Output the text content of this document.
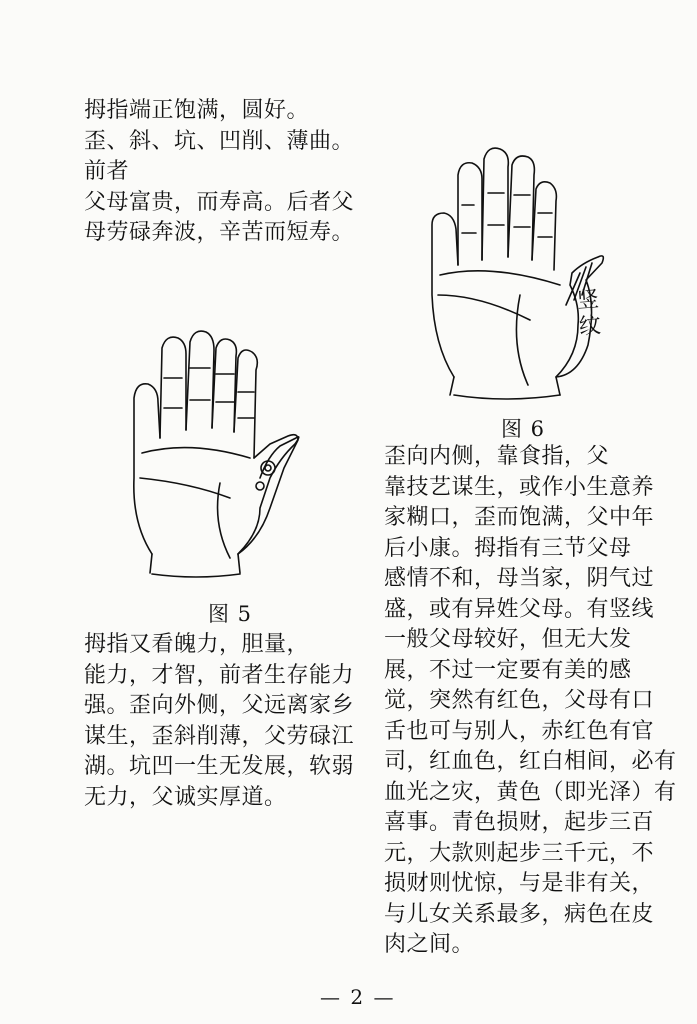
拇指端正饱满，圆好。
歪、斜、坑、凹削、薄曲。前者
父母富贵，而寿高。后者父
母劳碌奔波，辛苦而短寿。

竖纹
图 6

歪向内侧，靠食指，父
靠技艺谋生，或作小生意养
家糊口，歪而饱满，父中年
后小康。拇指有三节父母
感情不和，母当家，阴气过
盛，或有异姓父母。有竖线
一般父母较好，但无大发
展，不过一定要有美的感
觉，突然有红色，父母有口
舌也可与别人，赤红色有官
司，红血色，红白相间，必有
血光之灾，黄色（即光泽）有
喜事。青色损财，起步三百
元，大款则起步三千元，不
损财则忧惊，与是非有关，
与儿女关系最多，病色在皮
肉之间。

图 5

拇指又看魄力，胆量，
能力，才智，前者生存能力
强。歪向外侧，父远离家乡
谋生，歪斜削薄，父劳碌江
湖。坑凹一生无发展，软弱
无力，父诚实厚道。

— 2 —
